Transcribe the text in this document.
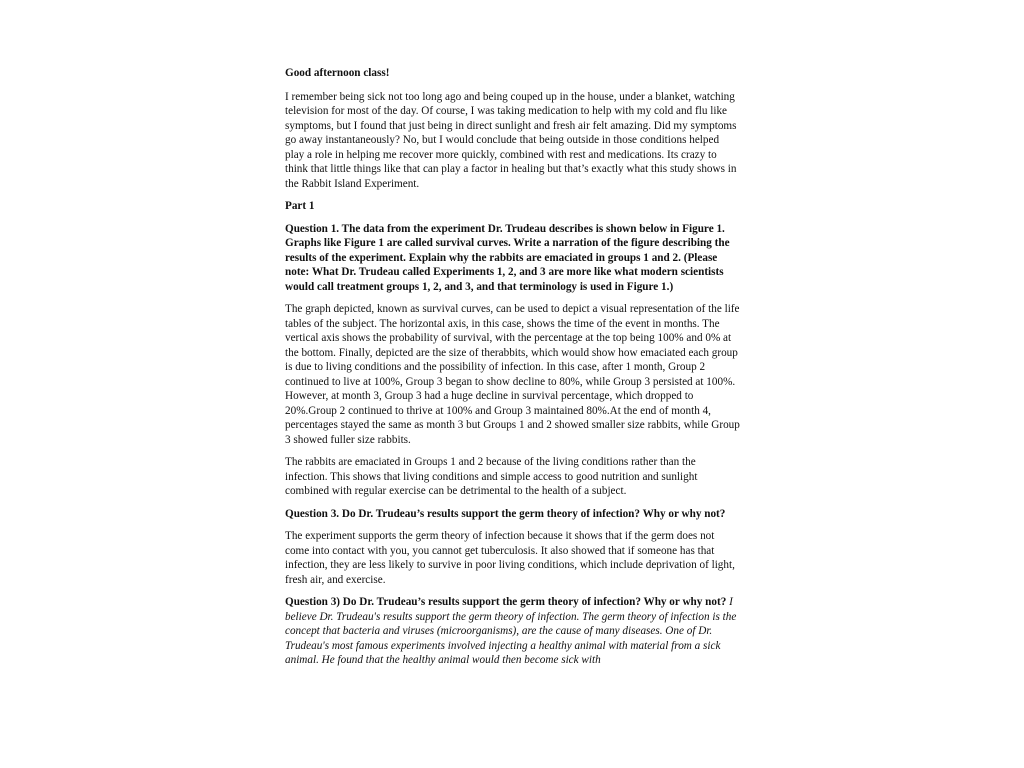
Good afternoon class!

I remember being sick not too long ago and being couped up in the house, under a blanket, watching television for most of the day. Of course, I was taking medication to help with my cold and flu like symptoms, but I found that just being in direct sunlight and fresh air felt amazing. Did my symptoms go away instantaneously? No, but I would conclude that being outside in those conditions helped play a role in helping me recover more quickly, combined with rest and medications. Its crazy to think that little things like that can play a factor in healing but that’s exactly what this study shows in the Rabbit Island Experiment.

Part 1

Question 1. The data from the experiment Dr. Trudeau describes is shown below in Figure 1. Graphs like Figure 1 are called survival curves. Write a narration of the figure describing the results of the experiment. Explain why the rabbits are emaciated in groups 1 and 2. (Please note: What Dr. Trudeau called Experiments 1, 2, and 3 are more like what modern scientists would call treatment groups 1, 2, and 3, and that terminology is used in Figure 1.)

The graph depicted, known as survival curves, can be used to depict a visual representation of the life tables of the subject. The horizontal axis, in this case, shows the time of the event in months. The vertical axis shows the probability of survival, with the percentage at the top being 100% and 0% at the bottom. Finally, depicted are the size of therabbits, which would show how emaciated each group is due to living conditions and the possibility of infection. In this case, after 1 month, Group 2 continued to live at 100%, Group 3 began to show decline to 80%, while Group 3 persisted at 100%. However, at month 3, Group 3 had a huge decline in survival percentage, which dropped to 20%.Group 2 continued to thrive at 100% and Group 3 maintained 80%.At the end of month 4, percentages stayed the same as month 3 but Groups 1 and 2 showed smaller size rabbits, while Group 3 showed fuller size rabbits.

The rabbits are emaciated in Groups 1 and 2 because of the living conditions rather than the infection. This shows that living conditions and simple access to good nutrition and sunlight combined with regular exercise can be detrimental to the health of a subject.

Question 3. Do Dr. Trudeau’s results support the germ theory of infection? Why or why not?

The experiment supports the germ theory of infection because it shows that if the germ does not come into contact with you, you cannot get tuberculosis. It also showed that if someone has that infection, they are less likely to survive in poor living conditions, which include deprivation of light, fresh air, and exercise.

Question 3) Do Dr. Trudeau’s results support the germ theory of infection? Why or why not? I believe Dr. Trudeau's results support the germ theory of infection. The germ theory of infection is the concept that bacteria and viruses (microorganisms), are the cause of many diseases. One of Dr. Trudeau's most famous experiments involved injecting a healthy animal with material from a sick animal. He found that the healthy animal would then become sick with
